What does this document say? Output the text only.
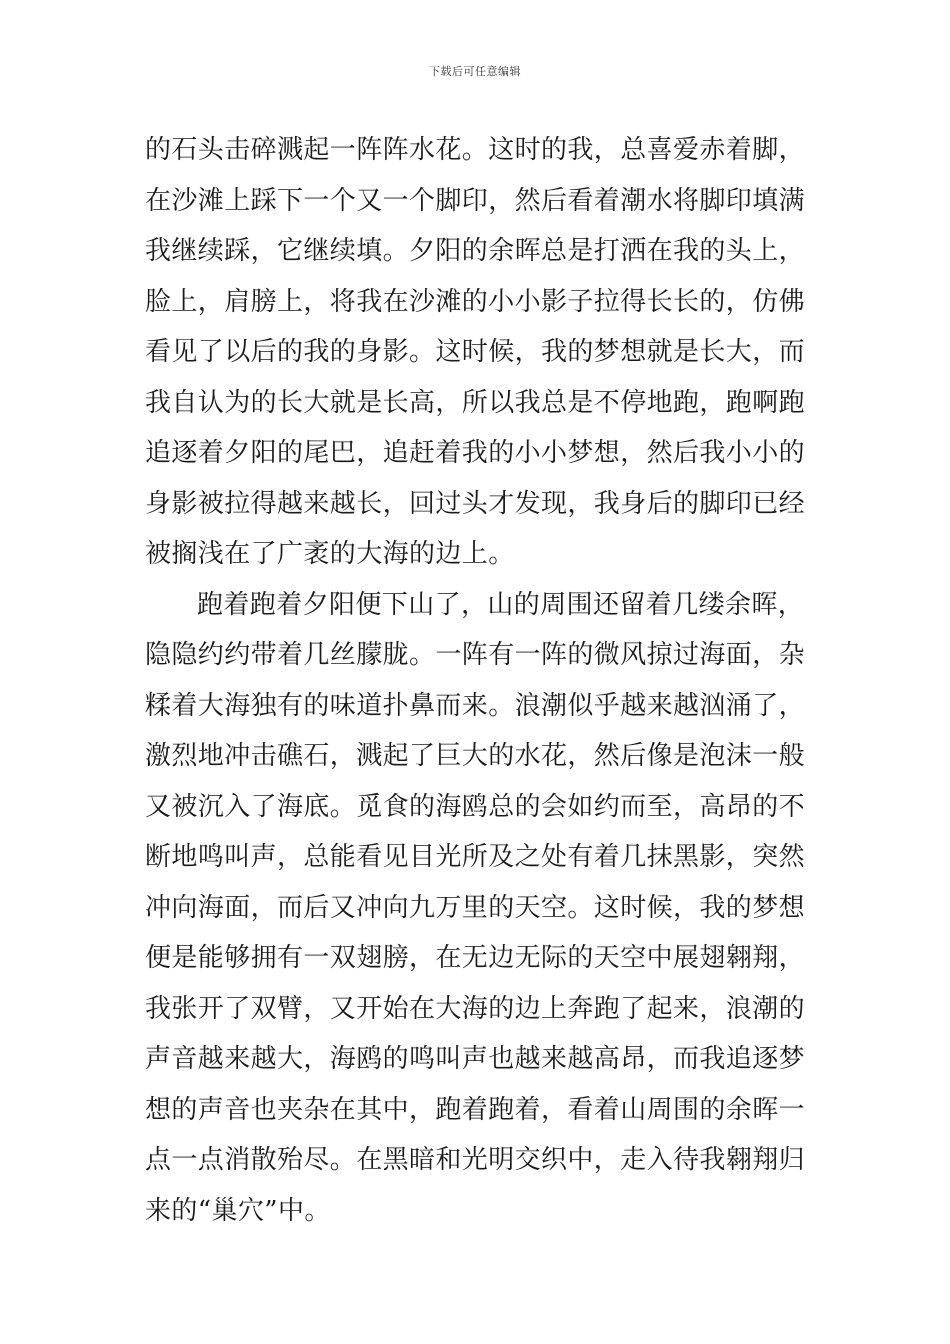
下载后可任意编辑
的石头击碎溅起一阵阵水花。这时的我，总喜爱赤着脚，
在沙滩上踩下一个又一个脚印，然后看着潮水将脚印填满
我继续踩，它继续填。夕阳的余晖总是打洒在我的头上，
脸上，肩膀上，将我在沙滩的小小影子拉得长长的，仿佛
看见了以后的我的身影。这时候，我的梦想就是长大，而
我自认为的长大就是长高，所以我总是不停地跑，跑啊跑
追逐着夕阳的尾巴，追赶着我的小小梦想，然后我小小的
身影被拉得越来越长，回过头才发现，我身后的脚印已经
被搁浅在了广袤的大海的边上。
跑着跑着夕阳便下山了，山的周围还留着几缕余晖，
隐隐约约带着几丝朦胧。一阵有一阵的微风掠过海面，杂
糅着大海独有的味道扑鼻而来。浪潮似乎越来越汹涌了，
激烈地冲击礁石，溅起了巨大的水花，然后像是泡沫一般
又被沉入了海底。觅食的海鸥总的会如约而至，高昂的不
断地鸣叫声，总能看见目光所及之处有着几抹黑影，突然
冲向海面，而后又冲向九万里的天空。这时候，我的梦想
便是能够拥有一双翅膀，在无边无际的天空中展翅翱翔，
我张开了双臂，又开始在大海的边上奔跑了起来，浪潮的
声音越来越大，海鸥的鸣叫声也越来越高昂，而我追逐梦
想的声音也夹杂在其中，跑着跑着，看着山周围的余晖一
点一点消散殆尽。在黑暗和光明交织中，走入待我翱翔归
来的“巢穴”中。
